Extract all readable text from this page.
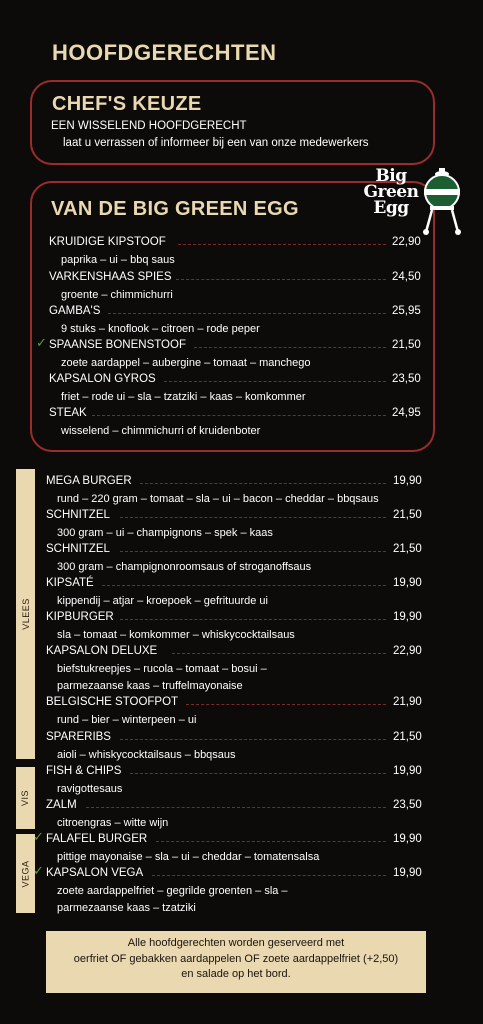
HOOFDGERECHTEN
CHEF'S KEUZE
EEN WISSELEND HOOFDGERECHT
laat u verrassen of informeer bij een van onze medewerkers
VAN DE BIG GREEN EGG
Big
Green
Egg
KRUIDIGE KIPSTOOF	22,90
paprika – ui – bbq saus
VARKENSHAAS SPIES	24,50
groente – chimmichurri
GAMBA'S	25,95
9 stuks – knoflook – citroen – rode peper
✓ SPAANSE BONENSTOOF	21,50
zoete aardappel – aubergine – tomaat – manchego
KAPSALON GYROS	23,50
friet – rode ui – sla – tzatziki – kaas – komkommer
STEAK	24,95
wisselend – chimmichurri of kruidenboter
VLEES
VIS
VEGA
MEGA BURGER	19,90
rund – 220 gram – tomaat – sla – ui – bacon – cheddar – bbqsaus
SCHNITZEL	21,50
300 gram – ui – champignons – spek – kaas
SCHNITZEL	21,50
300 gram – champignonroomsaus of stroganoffsaus
KIPSATÉ	19,90
kippendij – atjar – kroepoek – gefrituurde ui
KIPBURGER	19,90
sla – tomaat – komkommer – whiskycocktailsaus
KAPSALON DELUXE	22,90
biefstukreepjes – rucola – tomaat – bosui –
parmezaanse kaas – truffelmayonaise
BELGISCHE STOOFPOT	21,90
rund – bier – winterpeen – ui
SPARERIBS	21,50
aioli – whiskycocktailsaus – bbqsaus
FISH & CHIPS	19,90
ravigottesaus
ZALM	23,50
citroengras – witte wijn
✓ FALAFEL BURGER	19,90
pittige mayonaise – sla – ui – cheddar – tomatensalsa
✓ KAPSALON VEGA	19,90
zoete aardappelfriet – gegrilde groenten – sla –
parmezaanse kaas – tzatziki
Alle hoofdgerechten worden geserveerd met
oerfriet OF gebakken aardappelen OF zoete aardappelfriet (+2,50)
en salade op het bord.
